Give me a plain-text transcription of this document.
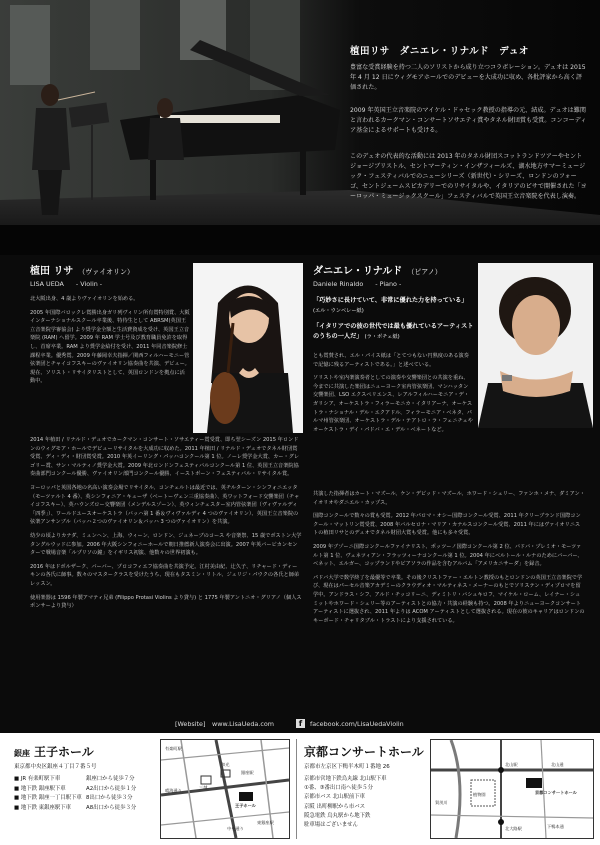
植田リサ　ダニエレ・リナルド　デュオ
豊富な受賞経験を持つ二人のソリストから成り立つコラボレーション。デュオは 2015 年 4 月 12 日にウィグモアホールでのデビューを大成功に収め、各批評家から高く評価された。
2009 年英国王立音楽院のマイケル・ドゥセック教授の指導の元、結成。デュオは難関と言われるカークマン・コンサートソサエティ賞やタネル財団賞も受賞。コンコーディア基金によるサポートも受ける。
このデュオの代表的な活動には 2013 年のタネル財団スコットランドツアーやセントジョージブリストル、セントマーティン・インザフィールズ、湖水地方サマーミュージック・フェスティバルでのニューシリーズ（新世代）・シリーズ、ロンドンのフォーゴ、セントジェームスピカデリーでのリサイタルや、イタリアのピサで開催された「ヨーロッパ・ミュージックスクール」フェスティバルで英国王立音楽院を代表し演奏。
植田 リサ （ヴァイオリン）
LISA UEDA - Violin -

北大阪出身、4 歳よりヴァイオリンを始める。

2005 年国際バロックレ賞勝出身ガリ列ヴィリン所有賞特別賞、大阪インターナショナルスクール卒業後、特待生として ABRSM(英国王立音楽院学審協会) より奨学金全額と生活費資成を受け、英国王立音楽院 (RAM) へ留学。2009 年 RAM 学士号及び教育職員免許を取得し、首席卒業。RAM より奨学金給付を受け、2011 年同音楽院修士課程卒業。優秀賞。2009 年藤岡幸夫指揮／関西フィルハーモニー管弦楽団とチャイコフスキーのヴァイオリン協奏曲を共演、デビュー。現在、ソリスト・リサイタリストとして、英国ロンドンを拠点に活動中。

2014 年植田 / リナルド・デュオでカークマン・コンサート・ソサエティー賞受賞、即ち翌シーズン 2015 年ロンドンのウィグモア・ホールでデビューリサイタルを大成功に収めた。2011 年植田 / リナルド・デュオでタネル財団賞受賞、ディ・ディ・財団賞受賞。2010 年英イーリング・パッハコンクール第 1 位。ノーレ奨学金大賞、カー・グレゴリー賞、サン・マルティノ奨学金大賞。2009 年北ロンドンフェスティバルコンクール第 1 位、英国王立音楽院協奏曲部門コンクール優勝、ヴァイオリン部門コンクール優勝、イーストボーン・フェスティバル・リサイタル賞。

ヨーロッパと英国各地の名高い演奏会場でリサイタル、コンチェルトは最近では、英チルターン・シンフォニエッタ（モーツァルト 4 番）、英シンフォニア・キューザ（ベートーヴェン三重協奏曲）、英ワットフォード交響楽団（チャイコフスキー）、英ハウンズロー交響楽団（メンデルスゾーン）、英ウィンチェスター室内管弦楽団（ヴィヴァルディ「四季」）、ワールドユースオーケストラ（バッハ第 1 番＆ヴィヴァルディ 4 つのヴァイオリン）、英国王立音楽院の弦楽アンサンブル（バッハ２つのヴァイオリン＆バッハ 3 つのヴァイオリン）を共演。

幼少の頃よりカナダ、ミュンヘン、上海、ウィーン、ロンドン、ジュネーブのコース や音楽祭、15 歳でボストン大学タングルウッドに参加。2006 年大阪シンフォニーホールで朝日推薦新人演奏会に出演。2007 年英バービカンセンターで戦場音楽「ルプリソの鐘」をイギリス初演、他数々の世界初演も。

2016 年はドボルザーク、バーバー、プロコフィエフ協奏曲を共演予定。江村美由紀、辻久子、リチャード・ディーキンの各氏に師事。数々のマスタークラスを受けたうち、現在もタスミン・リトル、ジュリジ・パウクの各氏と師弟レッスン。

使用楽器は 1596 年製アマティ兄弟 (Filippo Protasi Violins より貸与) と 1775 年製アントニオ・グリアノ（個人スポンサーより貸与）

ダニエレ・リナルド （ピアノ）
Daniele Rinaldo - Piano -
「巧妙さに長けていて、非常に優れた力を持っている」 (エル・ウンベレー紙)
「イタリアでの彼の世代では最も優れているアーティストのうちの一人だ」 (ラ・ボチェ紙)

とも賞賛され、エル・パイス紙は「とてつもない円熟度のある演奏で記憶に残るアーティストである。」と述べている。

ソリストや室内楽演奏者としての演奏や交響楽団との共演を重ね、今までに共演した楽団はニューヨーク室内管弦楽団、マンハッタン交響楽団、LSO エクスペリエンス、レアルフィルハーモニア・デ・ガリシア、オーケストラ・フィラーモニカ・イタリアーナ、オーケストラ・ナショナル・デル・エクアドル、フィラーモニア・ベネタ、パルマ州管弦楽団、オーケストラ・デル・テアトロ・ラ・フェニチェやオーケストラ・デイ・パドバ・エ・デル・ベネートなど。

共演した指揮者はカート・マズール、ケン・デビッド・マズール、ホワード・シェリー、ファンホ・メナ、ダミアン・イオリオやダニエル・カップス。

国際コンクールで数々の賞も受賞。2012 年パロマ・オシー国際コンクール受賞、2011 年クリーブランド国際コンクール・マットリン賞受賞、2008 年バルセロナ・マリア・カナルスコンクール受賞、2011 年にはヴァイオリニストの植田リサとのデュオでタネル財団大賞も受賞。他にも多々受賞。

2009 年ブゾーニ国際コンクールファイナリスト、ポッツーノ国際コンクール第 2 位、バドバ・プレミオ・モーツァルト第 1 位、ヴェネツィアン・フラッツィーナコンクール第 1 位。2004 年にベルトール・ルナのためにバーバー、ベネット、エルガー、コップランドやピアソラの作品を含むアルバム「アメリカニサーダ」を録音。

パドバ大学で数学終了を最優等で卒業。その後クリストファー・エルトン教授のもとロンドンの英国王立音楽院で学び、現在はパーセル音楽アカデミーのクラウディオ・マルティネス・メーナーのもとでソリステン・ディプロマを留学中。アンドラス・シフ、アルド・チッコリーニ、ディミトリ・バシュキロフ、マイケル・ローム、レイナー・シュミットやホワード・シェリー等のアーティストとの協力・共演の経験も持つ。2008 年よりニューヨークコンサートアーティストに選抜され、2011 年よりは ACOM アーティストとして選抜される。現在の彼のキャリアはロンドンのキーボード・チャリタブル・トラストにより支援されている。

[Website] www.LisaUeda.com	f	facebook.com/LisaUedaViolin
銀座 王子ホール
東京都中央区銀座４丁目７番５号
■ JR 有楽町駅下車　	銀座口から徒歩７分
■ 地下鉄 銀座駅下車　	A2出口から徒歩１分
■ 地下鉄 銀座一丁目駅下車　 8出口から徒歩３分
■ 地下鉄 東銀座駅下車　	A8出口から徒歩３分	王子ホール
三越
和光
銀座駅
晴海通り
中央通り
東銀座駅
有楽町駅	京都コンサートホール
京都市左京区下鴨半木町１番地 26
京都市営地下鉄烏丸線 北山駅下車
①番、③番出口南へ徒歩５分
京都市バス 北山駅前下車
京阪 出町柳駅から市バス
阪急電鉄 烏丸駅から地下鉄
駐車場はございません
京都コンサートホール
北山通
北山駅
植物園
賀茂川
下鴨本通
北大路駅
